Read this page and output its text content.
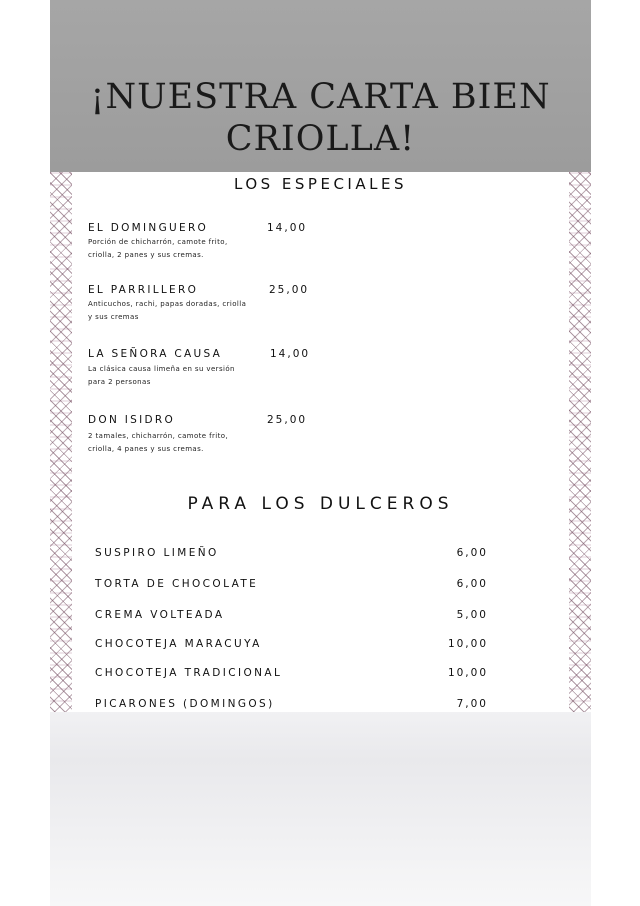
¡NUESTRA CARTA BIEN
CRIOLLA!
LOS ESPECIALES
EL DOMINGUERO	14,00
Porción de chicharrón, camote frito, criolla, 2 panes y sus cremas.
EL PARRILLERO	25,00
Anticuchos, rachi, papas doradas, criolla y sus cremas
LA SEÑORA CAUSA	14,00
La clásica causa limeña en su versión para 2 personas
DON ISIDRO	25,00
2 tamales, chicharrón, camote frito, criolla, 4 panes y sus cremas.
PARA LOS DULCEROS
SUSPIRO LIMEÑO	6,00
TORTA DE CHOCOLATE	6,00
CREMA VOLTEADA	5,00
CHOCOTEJA MARACUYA	10,00
CHOCOTEJA TRADICIONAL	10,00
PICARONES (DOMINGOS)	7,00
